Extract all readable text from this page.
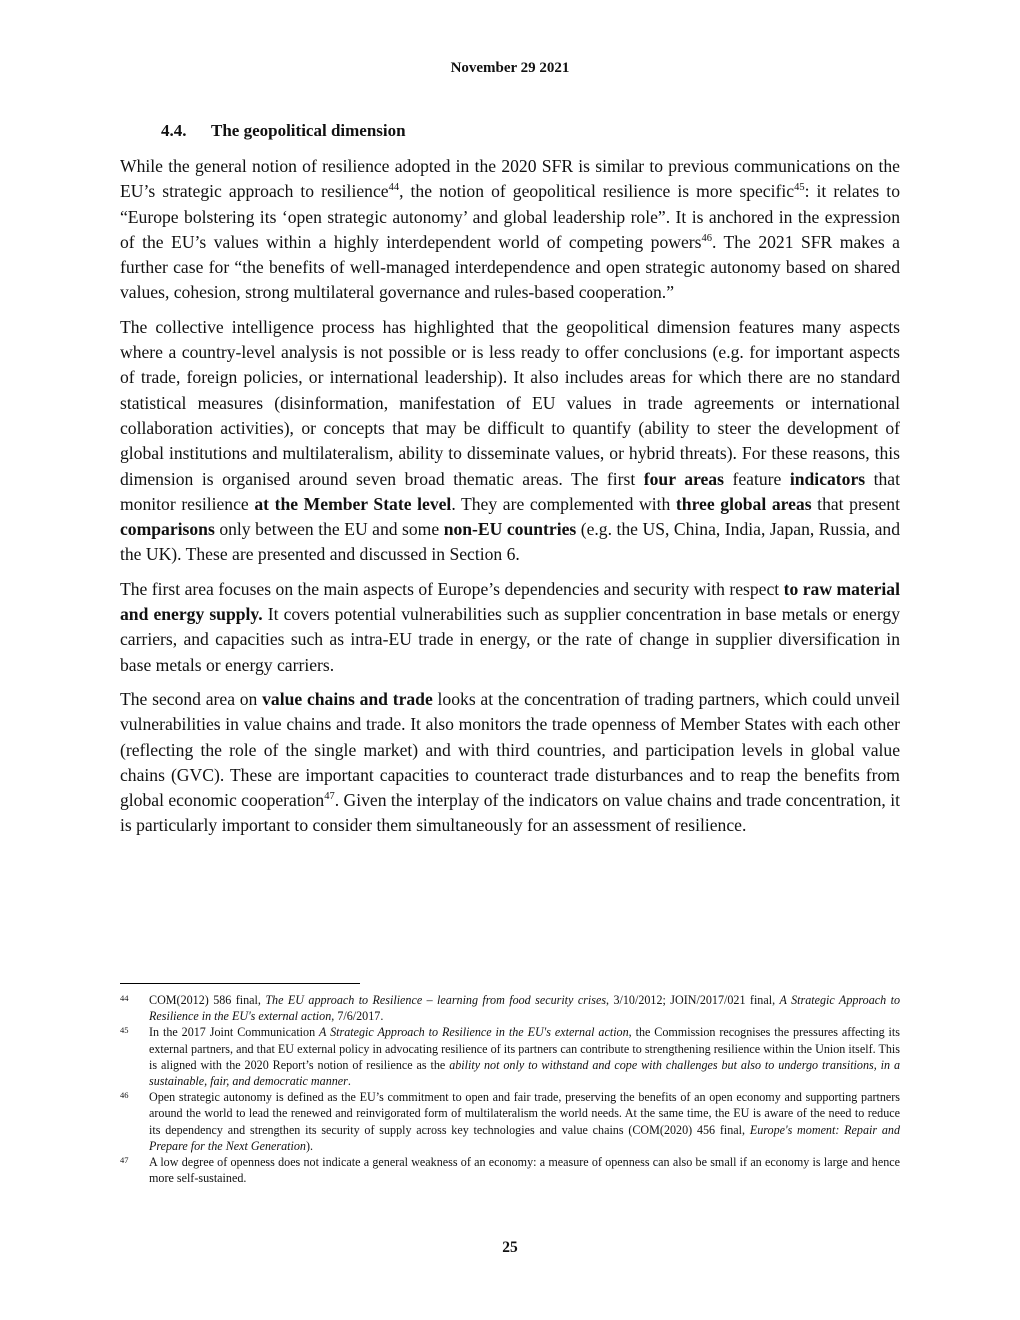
November 29 2021
4.4. The geopolitical dimension

While the general notion of resilience adopted in the 2020 SFR is similar to previous communications on the EU’s strategic approach to resilience$^{44}$, the notion of geopolitical resilience is more specific$^{45}$: it relates to “Europe bolstering its ‘open strategic autonomy’ and global leadership role”. It is anchored in the expression of the EU’s values within a highly interdependent world of competing powers$^{46}$. The 2021 SFR makes a further case for “the benefits of well-managed interdependence and open strategic autonomy based on shared values, cohesion, strong multilateral governance and rules-based cooperation.”

The collective intelligence process has highlighted that the geopolitical dimension features many aspects where a country-level analysis is not possible or is less ready to offer conclusions (e.g. for important aspects of trade, foreign policies, or international leadership). It also includes areas for which there are no standard statistical measures (disinformation, manifestation of EU values in trade agreements or international collaboration activities), or concepts that may be difficult to quantify (ability to steer the development of global institutions and multilateralism, ability to disseminate values, or hybrid threats). For these reasons, this dimension is organised around seven broad thematic areas. The first four areas feature indicators that monitor resilience at the Member State level. They are complemented with three global areas that present comparisons only between the EU and some non-EU countries (e.g. the US, China, India, Japan, Russia, and the UK). These are presented and discussed in Section 6.

The first area focuses on the main aspects of Europe’s dependencies and security with respect to raw material and energy supply. It covers potential vulnerabilities such as supplier concentration in base metals or energy carriers, and capacities such as intra-EU trade in energy, or the rate of change in supplier diversification in base metals or energy carriers.

The second area on value chains and trade looks at the concentration of trading partners, which could unveil vulnerabilities in value chains and trade. It also monitors the trade openness of Member States with each other (reflecting the role of the single market) and with third countries, and participation levels in global value chains (GVC). These are important capacities to counteract trade disturbances and to reap the benefits from global economic cooperation$^{47}$. Given the interplay of the indicators on value chains and trade concentration, it is particularly important to consider them simultaneously for an assessment of resilience.

44	COM(2012) 586 final, The EU approach to Resilience – learning from food security crises, 3/10/2012; JOIN/2017/021 final, A Strategic Approach to Resilience in the EU's external action, 7/6/2017.
45	In the 2017 Joint Communication A Strategic Approach to Resilience in the EU's external action, the Commission recognises the pressures affecting its external partners, and that EU external policy in advocating resilience of its partners can contribute to strengthening resilience within the Union itself. This is aligned with the 2020 Report’s notion of resilience as the ability not only to withstand and cope with challenges but also to undergo transitions, in a sustainable, fair, and democratic manner.
46	Open strategic autonomy is defined as the EU’s commitment to open and fair trade, preserving the benefits of an open economy and supporting partners around the world to lead the renewed and reinvigorated form of multilateralism the world needs. At the same time, the EU is aware of the need to reduce its dependency and strengthen its security of supply across key technologies and value chains (COM(2020) 456 final, Europe's moment: Repair and Prepare for the Next Generation).
47	A low degree of openness does not indicate a general weakness of an economy: a measure of openness can also be small if an economy is large and hence more self-sustained.
25
